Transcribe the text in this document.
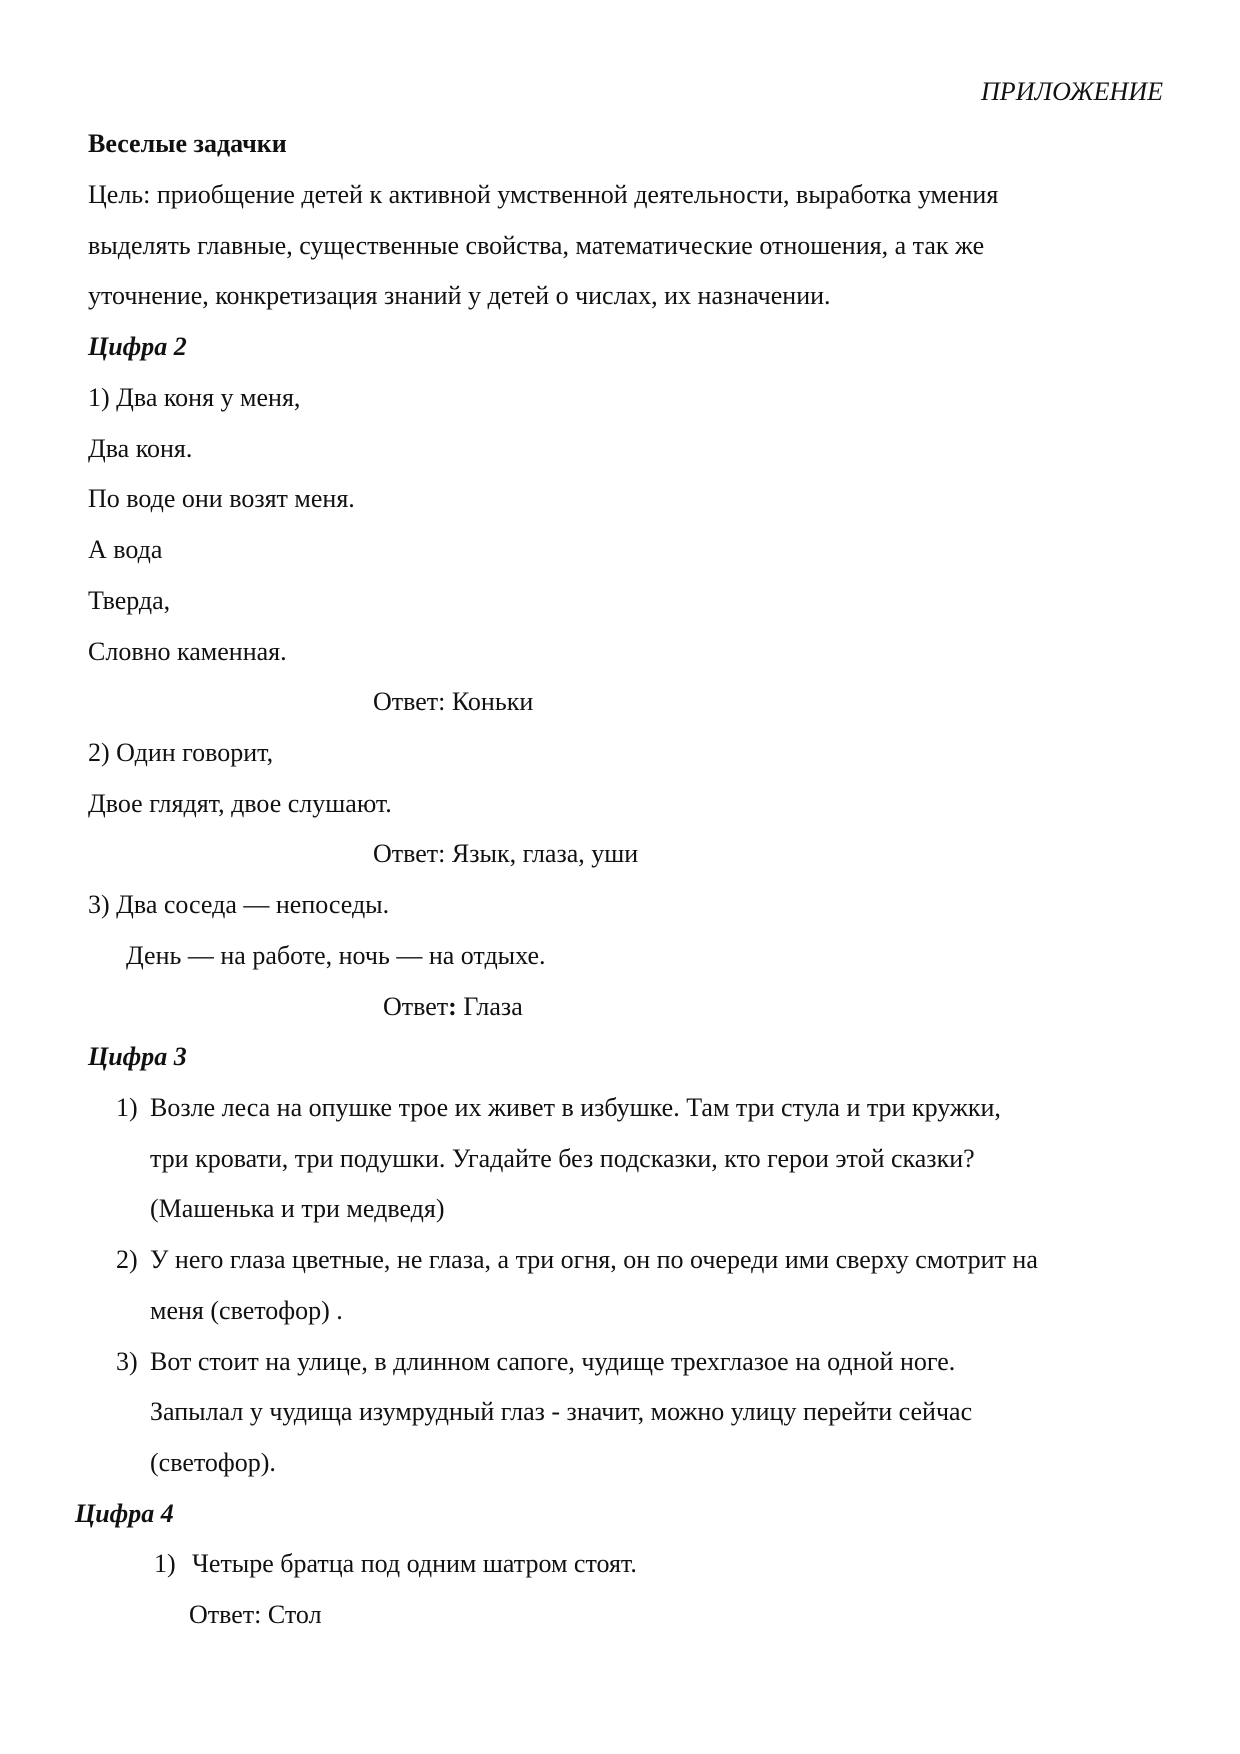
ПРИЛОЖЕНИЕ
Веселые задачки
Цель: приобщение детей к активной умственной деятельности, выработка умения
выделять главные, существенные свойства, математические отношения, а так же
уточнение, конкретизация знаний у детей о числах, их назначении.
Цифра 2
1) Два коня у меня,
Два коня.
По воде они возят меня.
А вода
Тверда,
Словно каменная.
Ответ: Коньки
2) Один говорит,
Двое глядят, двое слушают.
Ответ: Язык, глаза, уши
3) Два соседа — непоседы.
День — на работе, ночь — на отдыхе.
Ответ: Глаза
Цифра 3
1) Возле леса на опушке трое их живет в избушке. Там три стула и три кружки,
три кровати, три подушки. Угадайте без подсказки, кто герои этой сказки?
(Машенька и три медведя)
2) У него глаза цветные, не глаза, а три огня, он по очереди ими сверху смотрит на
меня (светофор) .
3) Вот стоит на улице, в длинном сапоге, чудище трехглазое на одной ноге.
Запылал у чудища изумрудный глаз - значит, можно улицу перейти сейчас
(светофор).
Цифра 4
1) Четыре братца под одним шатром стоят.
Ответ: Стол
